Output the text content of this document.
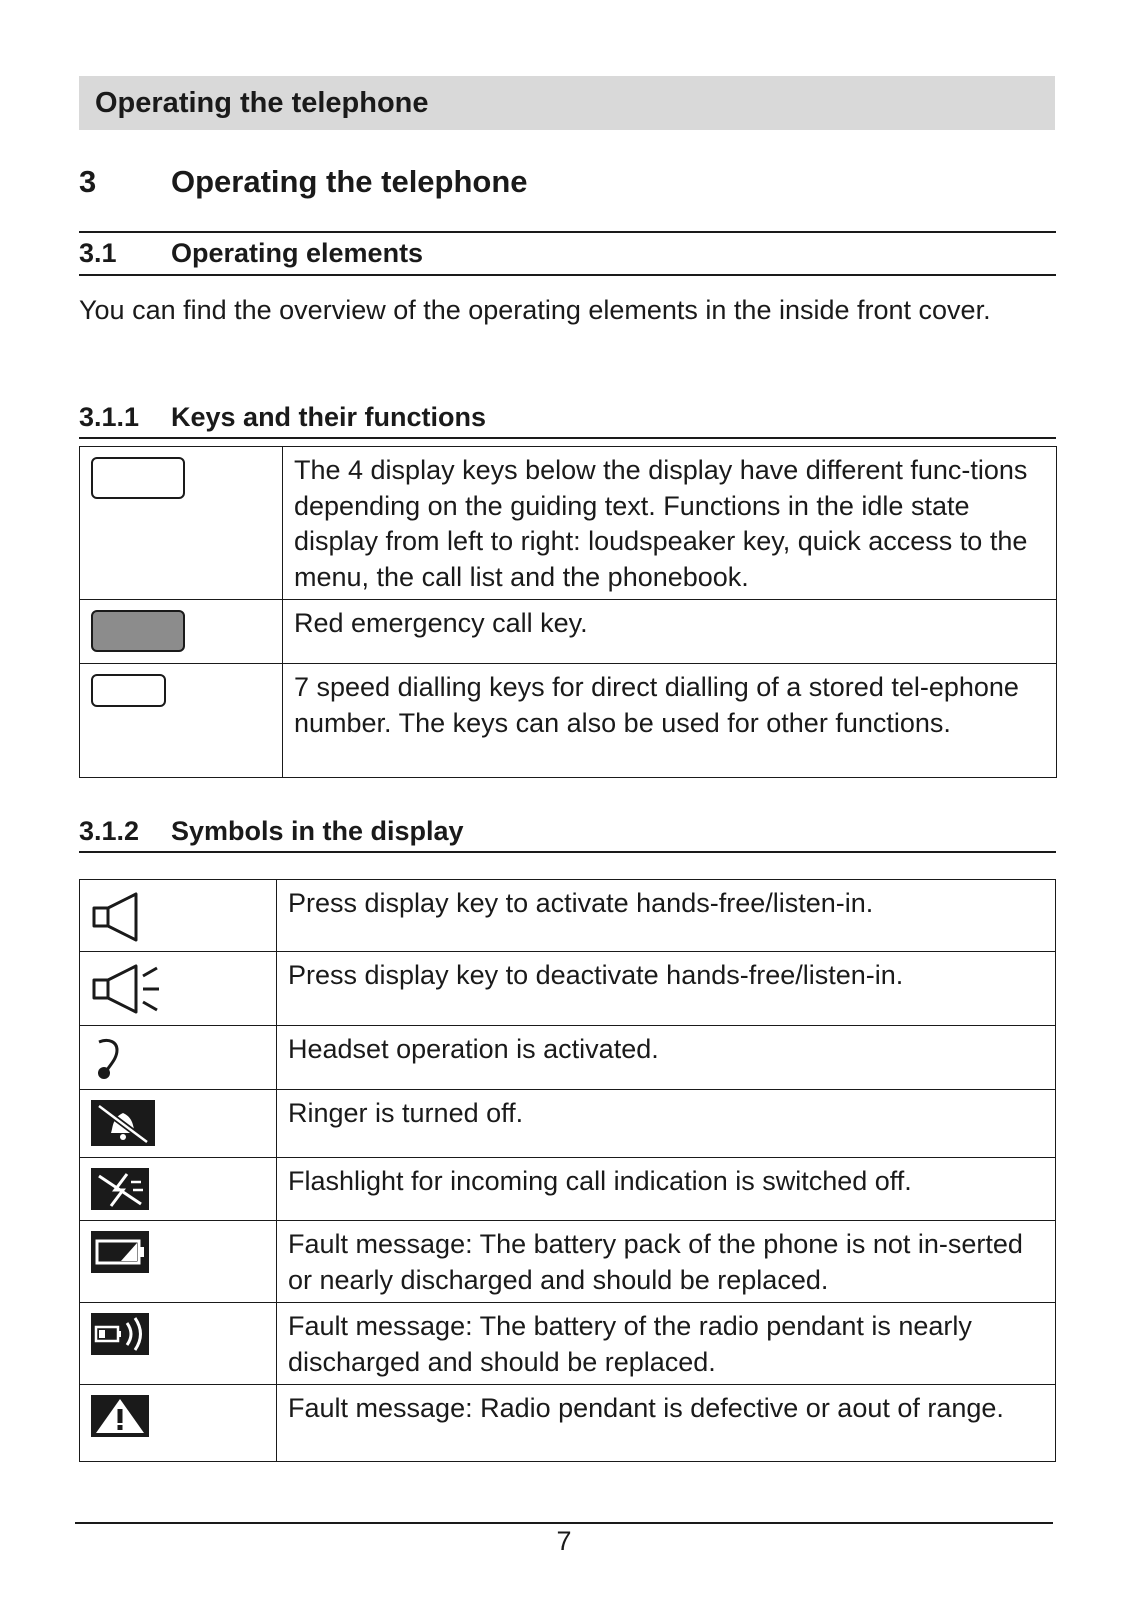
Operating the telephone
3 Operating the telephone
3.1 Operating elements
You can find the overview of the operating elements in the inside front cover.
3.1.1 Keys and their functions
	The 4 display keys below the display have different func-tions depending on the guiding text. Functions in the idle state display from left to right: loudspeaker key, quick access to the menu, the call list and the phonebook.

	Red emergency call key.

	7 speed dialling keys for direct dialling of a stored tel-ephone number. The keys can also be used for other functions.
3.1.2 Symbols in the display
	Press display key to activate hands-free/listen-in.

	Press display key to deactivate hands-free/listen-in.

	Headset operation is activated.

	Ringer is turned off.

	Flashlight for incoming call indication is switched off.

	Fault message: The battery pack of the phone is not in-serted or nearly discharged and should be replaced.

	Fault message: The battery of the radio pendant is nearly discharged and should be replaced.

	Fault message: Radio pendant is defective or aout of range.
7
